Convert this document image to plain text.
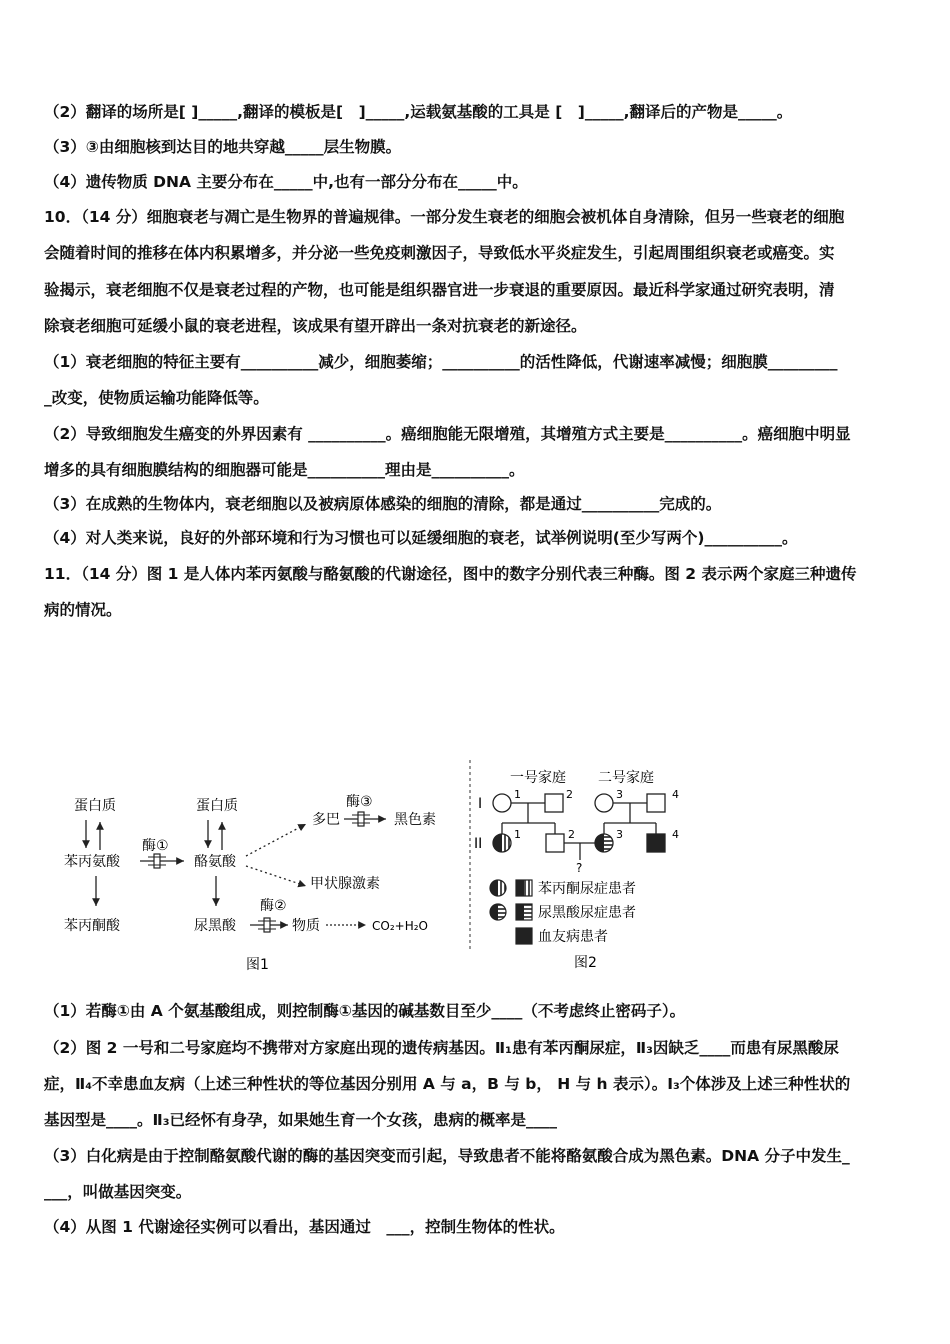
（2）翻译的场所是[ ]_____,翻译的模板是[　]_____,运载氨基酸的工具是 [　]_____,翻译后的产物是_____。
（3）③由细胞核到达目的地共穿越_____层生物膜。
（4）遗传物质 DNA 主要分布在_____中,也有一部分分布在_____中。
10．（14 分）细胞衰老与凋亡是生物界的普遍规律。一部分发生衰老的细胞会被机体自身清除，但另一些衰老的细胞
会随着时间的推移在体内积累增多，并分泌一些免疫刺激因子，导致低水平炎症发生，引起周围组织衰老或癌变。实
验揭示，衰老细胞不仅是衰老过程的产物，也可能是组织器官进一步衰退的重要原因。最近科学家通过研究表明，清
除衰老细胞可延缓小鼠的衰老进程，该成果有望开辟出一条对抗衰老的新途径。
（1）衰老细胞的特征主要有__________减少，细胞萎缩；__________的活性降低，代谢速率减慢；细胞膜_________
_改变，使物质运输功能降低等。
（2）导致细胞发生癌变的外界因素有 __________。癌细胞能无限增殖，其增殖方式主要是__________。癌细胞中明显
增多的具有细胞膜结构的细胞器可能是__________理由是__________。
（3）在成熟的生物体内，衰老细胞以及被病原体感染的细胞的清除，都是通过__________完成的。
（4）对人类来说，良好的外部环境和行为习惯也可以延缓细胞的衰老，试举例说明(至少写两个)__________。
11．（14 分）图 1 是人体内苯丙氨酸与酪氨酸的代谢途径，图中的数字分别代表三种酶。图 2 表示两个家庭三种遗传
病的情况。
蛋白质
苯丙氨酸
苯丙酮酸
酶①
蛋白质
酪氨酸
尿黑酸
多巴
酶③
黑色素
甲状腺激素
酶②
物质	CO₂+H₂O
图1
一号家庭 二号家庭
I
II
1	2	3	4
1	2	3	4
?
苯丙酮尿症患者
尿黑酸尿症患者
血友病患者
图2
（1）若酶①由 A 个氨基酸组成，则控制酶①基因的碱基数目至少____（不考虑终止密码子）。
（2）图 2 一号和二号家庭均不携带对方家庭出现的遗传病基因。Ⅱ₁患有苯丙酮尿症，Ⅱ₃因缺乏____而患有尿黑酸尿
症，Ⅱ₄不幸患血友病（上述三种性状的等位基因分别用 A 与 a，B 与 b， H 与 h 表示）。I₃个体涉及上述三种性状的
基因型是____。Ⅱ₃已经怀有身孕，如果她生育一个女孩，患病的概率是____
（3）白化病是由于控制酪氨酸代谢的酶的基因突变而引起，导致患者不能将酪氨酸合成为黑色素。DNA 分子中发生_
___，叫做基因突变。
（4）从图 1 代谢途径实例可以看出，基因通过　___，控制生物体的性状。
